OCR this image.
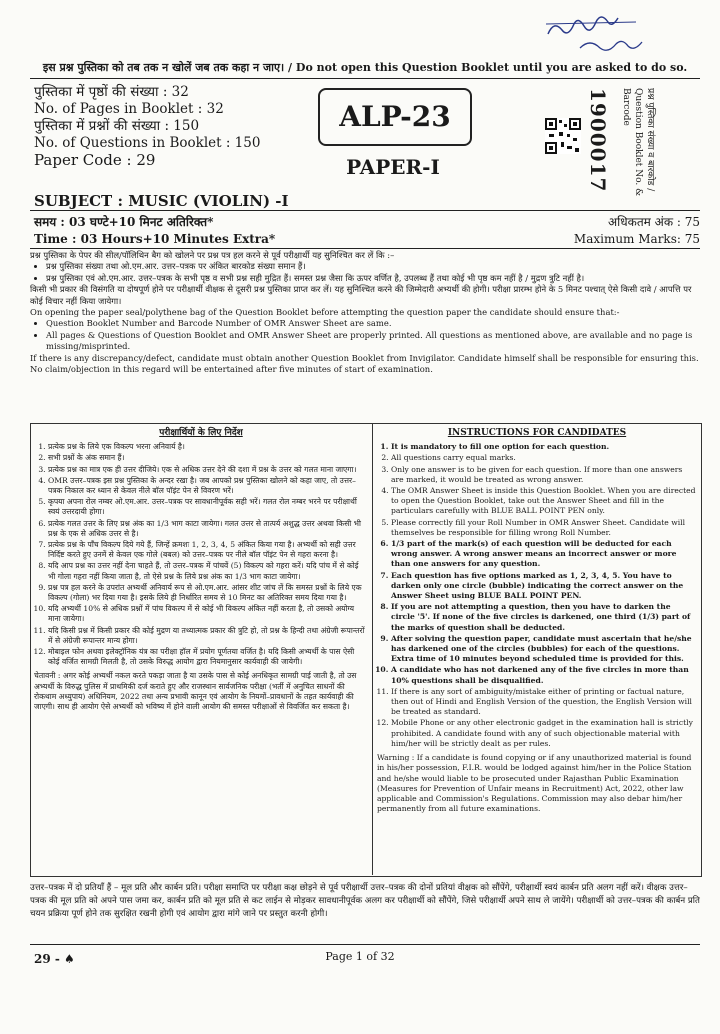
इस प्रश्न पुस्तिका को तब तक न खोलें जब तक कहा न जाए। / Do not open this Question Booklet until you are asked to do so.
पुस्तिका में पृष्ठों की संख्या : 32
No. of Pages in Booklet : 32
पुस्तिका में प्रश्नों की संख्या : 150
No. of Questions in Booklet : 150
Paper Code : 29
ALP-23
PAPER-I	1900017	प्रश्न पुस्तिका संख्या व बारकोड /
Question Booklet No. & Barcode
SUBJECT : MUSIC (VIOLIN) -I
समय : 03 घण्टे+10 मिनट अतिरिक्त*
Time : 03 Hours+10 Minutes Extra*
अधिकतम अंक : 75
Maximum Marks: 75

प्रश्न पुस्तिका के पेपर की सील/पॉलिथिन बैग को खोलने पर प्रश्न पत्र हल करने से पूर्व परीक्षार्थी यह सुनिश्चित कर लें कि :–

• प्रश्न पुस्तिका संख्या तथा ओ.एम.आर. उत्तर–पत्रक पर अंकित बारकोड संख्या समान हैं।
• प्रश्न पुस्तिका एवं ओ.एम.आर. उत्तर–पत्रक के सभी पृष्ठ व सभी प्रश्न सही मुद्रित हैं। समस्त प्रश्न जैसा कि ऊपर वर्णित है, उपलब्ध हैं तथा कोई भी पृष्ठ कम नहीं है / मुद्रण त्रुटि नहीं है।

किसी भी प्रकार की विसंगति या दोषपूर्ण होने पर परीक्षार्थी वीक्षक से दूसरी प्रश्न पुस्तिका प्राप्त कर लें। यह सुनिश्चित करने की जिम्मेदारी अभ्यर्थी की होगी। परीक्षा प्रारम्भ होने के 5 मिनट पश्चात् ऐसे किसी दावे / आपत्ति पर कोई विचार नहीं किया जायेगा।

On opening the paper seal/polythene bag of the Question Booklet before attempting the question paper the candidate should ensure that:-

• Question Booklet Number and Barcode Number of OMR Answer Sheet are same.
• All pages & Questions of Question Booklet and OMR Answer Sheet are properly printed. All questions as mentioned above, are available and no page is missing/misprinted.

If there is any discrepancy/defect, candidate must obtain another Question Booklet from Invigilator. Candidate himself shall be responsible for ensuring this. No claim/objection in this regard will be entertained after five minutes of start of examination.

परीक्षार्थियों के लिए निर्देश
1. प्रत्येक प्रश्न के लिये एक विकल्प भरना अनिवार्य है।
2. सभी प्रश्नों के अंक समान हैं।
3. प्रत्येक प्रश्न का मात्र एक ही उत्तर दीजिये। एक से अधिक उत्तर देने की दशा में प्रश्न के उत्तर को गलत माना जाएगा।
4. OMR उत्तर–पत्रक इस प्रश्न पुस्तिका के अन्दर रखा है। जब आपको प्रश्न पुस्तिका खोलने को कहा जाए, तो उत्तर–पत्रक निकाल कर ध्यान से केवल नीले बॉल पॉइंट पेन से विवरण भरें।
5. कृपया अपना रोल नम्बर ओ.एम.आर. उत्तर–पत्रक पर सावधानीपूर्वक सही भरें। गलत रोल नम्बर भरने पर परीक्षार्थी स्वयं उत्तरदायी होगा।
6. प्रत्येक गलत उत्तर के लिए प्रश्न अंक का 1/3 भाग काटा जायेगा। गलत उत्तर से तात्पर्य अशुद्ध उत्तर अथवा किसी भी प्रश्न के एक से अधिक उत्तर से है।
7. प्रत्येक प्रश्न के पाँच विकल्प दिये गये हैं, जिन्हें क्रमशः 1, 2, 3, 4, 5 अंकित किया गया है। अभ्यर्थी को सही उत्तर निर्दिष्ट करते हुए उनमें से केवल एक गोले (बबल) को उत्तर–पत्रक पर नीले बॉल पॉइंट पेन से गहरा करना है।
8. यदि आप प्रश्न का उत्तर नहीं देना चाहते हैं, तो उत्तर–पत्रक में पांचवें (5) विकल्प को गहरा करें। यदि पांच में से कोई भी गोला गहरा नहीं किया जाता है, तो ऐसे प्रश्न के लिये प्रश्न अंक का 1/3 भाग काटा जायेगा।
9. प्रश्न पत्र हल करने के उपरांत अभ्यर्थी अनिवार्य रूप से ओ.एम.आर. आंसर शीट जांच लें कि समस्त प्रश्नों के लिये एक विकल्प (गोला) भर दिया गया है। इसके लिये ही निर्धारित समय से 10 मिनट का अतिरिक्त समय दिया गया है।
10. यदि अभ्यर्थी 10% से अधिक प्रश्नों में पांच विकल्प में से कोई भी विकल्प अंकित नहीं करता है, तो उसको अयोग्य माना जायेगा।
11. यदि किसी प्रश्न में किसी प्रकार की कोई मुद्रण या तथ्यात्मक प्रकार की त्रुटि हो, तो प्रश्न के हिन्दी तथा अंग्रेजी रूपान्तरों में से अंग्रेजी रूपान्तर मान्य होगा।
12. मोबाइल फोन अथवा इलेक्ट्रॉनिक यंत्र का परीक्षा हॉल में प्रयोग पूर्णतया वर्जित है। यदि किसी अभ्यर्थी के पास ऐसी कोई वर्जित सामग्री मिलती है, तो उसके विरुद्ध आयोग द्वारा नियमानुसार कार्यवाही की जायेगी।

चेतावनी : अगर कोई अभ्यर्थी नकल करते पकड़ा जाता है या उसके पास से कोई अनधिकृत सामग्री पाई जाती है, तो उस अभ्यर्थी के विरुद्ध पुलिस में प्राथमिकी दर्ज कराते हुए और राजस्थान सार्वजनिक परीक्षा (भर्ती में अनुचित साधनों की रोकथाम अध्युपाय) अधिनियम, 2022 तथा अन्य प्रभावी कानून एवं आयोग के नियमों–प्रावधानों के तहत कार्यवाही की जाएगी। साथ ही आयोग ऐसे अभ्यर्थी को भविष्य में होने वाली आयोग की समस्त परीक्षाओं से विवर्जित कर सकता है।

INSTRUCTIONS FOR CANDIDATES
1. It is mandatory to fill one option for each question.
2. All questions carry equal marks.
3. Only one answer is to be given for each question. If more than one answers are marked, it would be treated as wrong answer.
4. The OMR Answer Sheet is inside this Question Booklet. When you are directed to open the Question Booklet, take out the Answer Sheet and fill in the particulars carefully with BLUE BALL POINT PEN only.
5. Please correctly fill your Roll Number in OMR Answer Sheet. Candidate will themselves be responsible for filling wrong Roll Number.
6. 1/3 part of the mark(s) of each question will be deducted for each wrong answer. A wrong answer means an incorrect answer or more than one answers for any question.
7. Each question has five options marked as 1, 2, 3, 4, 5. You have to darken only one circle (bubble) indicating the correct answer on the Answer Sheet using BLUE BALL POINT PEN.
8. If you are not attempting a question, then you have to darken the circle '5'. If none of the five circles is darkened, one third (1/3) part of the marks of question shall be deducted.
9. After solving the question paper, candidate must ascertain that he/she has darkened one of the circles (bubbles) for each of the questions. Extra time of 10 minutes beyond scheduled time is provided for this.
10. A candidate who has not darkened any of the five circles in more than 10% questions shall be disqualified.
11. If there is any sort of ambiguity/mistake either of printing or factual nature, then out of Hindi and English Version of the question, the English Version will be treated as standard.
12. Mobile Phone or any other electronic gadget in the examination hall is strictly prohibited. A candidate found with any of such objectionable material with him/her will be strictly dealt as per rules.

Warning : If a candidate is found copying or if any unauthorized material is found in his/her possession, F.I.R. would be lodged against him/her in the Police Station and he/she would liable to be prosecuted under Rajasthan Public Examination (Measures for Prevention of Unfair means in Recruitment) Act, 2022, other law applicable and Commission's Regulations. Commission may also debar him/her permanently from all future examinations.

उत्तर–पत्रक में दो प्रतियाँ हैं – मूल प्रति और कार्बन प्रति। परीक्षा समाप्ति पर परीक्षा कक्ष छोड़ने से पूर्व परीक्षार्थी उत्तर–पत्रक की दोनों प्रतियां वीक्षक को सौंपेंगे, परीक्षार्थी स्वयं कार्बन प्रति अलग नहीं करें। वीक्षक उत्तर–पत्रक की मूल प्रति को अपने पास जमा कर, कार्बन प्रति को मूल प्रति से कट लाईन से मोड़कर सावधानीपूर्वक अलग कर परीक्षार्थी को सौंपेंगे, जिसे परीक्षार्थी अपने साथ ले जायेंगे। परीक्षार्थी को उत्तर–पत्रक की कार्बन प्रति चयन प्रक्रिया पूर्ण होने तक सुरक्षित रखनी होगी एवं आयोग द्वारा मांगे जाने पर प्रस्तुत करनी होगी।
29 - ♠	Page 1 of 32
